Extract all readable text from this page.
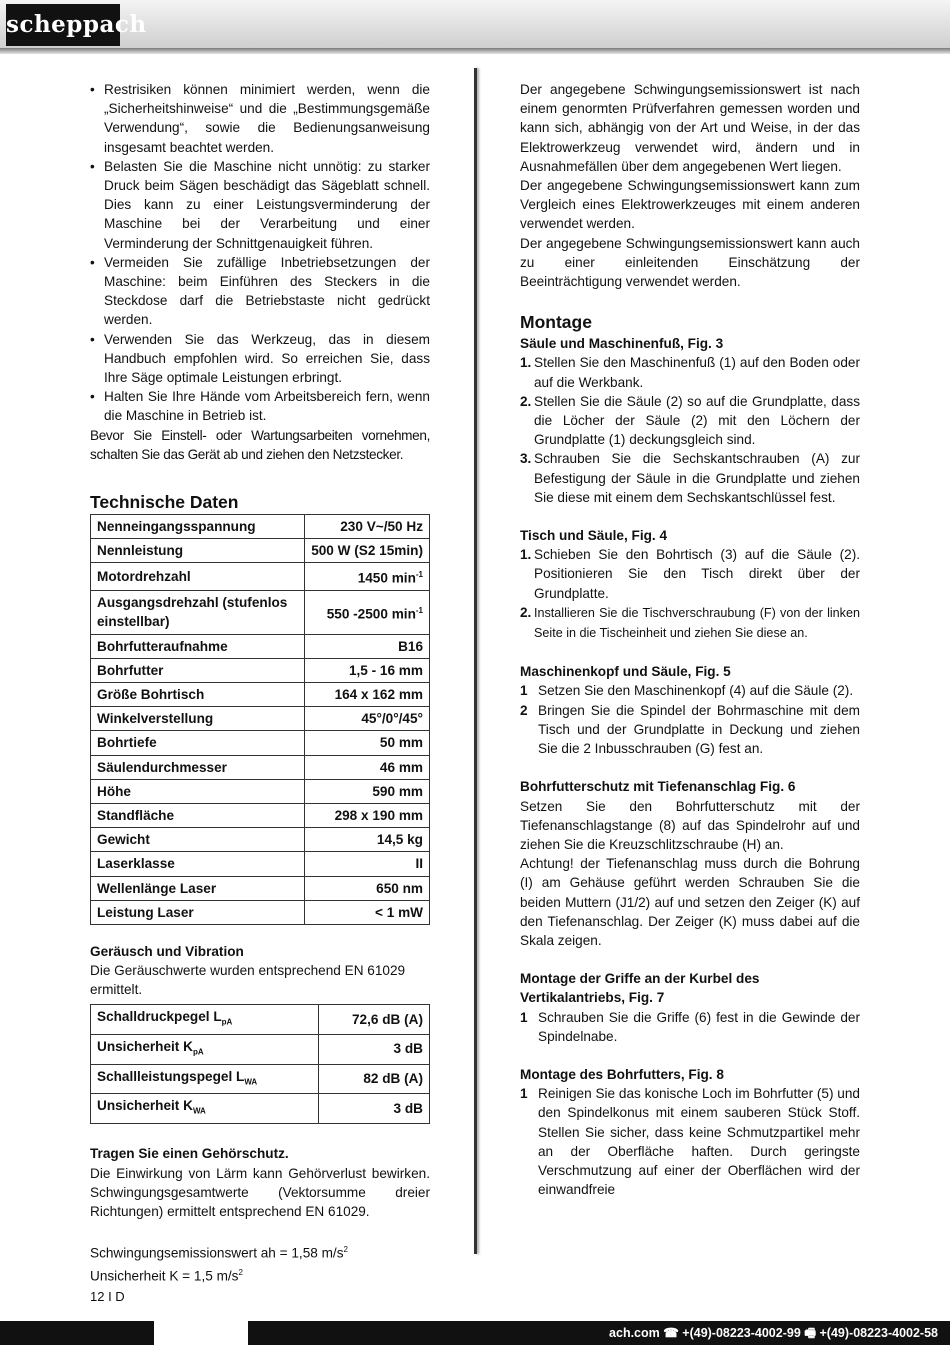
scheppach
• Restrisiken können minimiert werden, wenn die „Sicherheitshinweise“ und die „Bestimmungsgemäße Verwendung“, sowie die Bedienungsanweisung insgesamt beachtet werden.
• Belasten Sie die Maschine nicht unnötig: zu starker Druck beim Sägen beschädigt das Sägeblatt schnell. Dies kann zu einer Leistungsverminderung der Maschine bei der Verarbeitung und einer Verminderung der Schnittgenauigkeit führen.
• Vermeiden Sie zufällige Inbetriebsetzungen der Maschine: beim Einführen des Steckers in die Steckdose darf die Betriebstaste nicht gedrückt werden.
• Verwenden Sie das Werkzeug, das in diesem Handbuch empfohlen wird. So erreichen Sie, dass Ihre Säge optimale Leistungen erbringt.
• Halten Sie Ihre Hände vom Arbeitsbereich fern, wenn die Maschine in Betrieb ist.

Bevor Sie Einstell- oder Wartungsarbeiten vornehmen, schalten Sie das Gerät ab und ziehen den Netzstecker.

Technische Daten
Nenneingangsspannung	230 V~/50 Hz
Nennleistung	500 W (S2 15min)
Motordrehzahl	1450 $\min^{-1}$
Ausgangsdrehzahl (stufenlos einstellbar)	550 -2500 $\min^{-1}$
Bohrfutteraufnahme	B16
Bohrfutter	1,5 - 16 mm
Größe Bohrtisch	164 x 162 mm
Winkelverstellung	45°/0°/45°
Bohrtiefe	50 mm
Säulendurchmesser	46 mm
Höhe	590 mm
Standfläche	298 x 190 mm
Gewicht	14,5 kg
Laserklasse	II
Wellenlänge Laser	650 nm
Leistung Laser	< 1 mW
Geräusch und Vibration

Die Geräuschwerte wurden entsprechend EN 61029 ermittelt.

Schalldruckpegel $L_{pA}$	72,6 dB (A)
Unsicherheit $K_{pA}$	3 dB
Schallleistungspegel $L_{WA}$	82 dB (A)
Unsicherheit $K_{WA}$	3 dB
Tragen Sie einen Gehörschutz.

Die Einwirkung von Lärm kann Gehörverlust bewirken. Schwingungsgesamtwerte (Vektorsumme dreier Richtungen) ermittelt entsprechend EN 61029.

Schwingungsemissionswert ah = 1,58 $m/s^2$

Unsicherheit K = 1,5 $m/s^2$

Der angegebene Schwingungsemissionswert ist nach einem genormten Prüfverfahren gemessen worden und kann sich, abhängig von der Art und Weise, in der das Elektrowerkzeug verwendet wird, ändern und in Ausnahmefällen über dem angegebenen Wert liegen.

Der angegebene Schwingungsemissionswert kann zum Vergleich eines Elektrowerkzeuges mit einem anderen verwendet werden.

Der angegebene Schwingungsemissionswert kann auch zu einer einleitenden Einschätzung der Beeinträchtigung verwendet werden.

Montage
Säule und Maschinenfuß, Fig. 3
1. Stellen Sie den Maschinenfuß (1) auf den Boden oder auf die Werkbank.
2. Stellen Sie die Säule (2) so auf die Grundplatte, dass die Löcher der Säule (2) mit den Löchern der Grundplatte (1) deckungsgleich sind.
3. Schrauben Sie die Sechskantschrauben (A) zur Befestigung der Säule in die Grundplatte und ziehen Sie diese mit einem dem Sechskantschlüssel fest.
Tisch und Säule, Fig. 4
1. Schieben Sie den Bohrtisch (3) auf die Säule (2). Positionieren Sie den Tisch direkt über der Grundplatte.
2. Installieren Sie die Tischverschraubung (F) von der linken Seite in die Tischeinheit und ziehen Sie diese an.
Maschinenkopf und Säule, Fig. 5
1 Setzen Sie den Maschinenkopf (4) auf die Säule (2).
2 Bringen Sie die Spindel der Bohrmaschine mit dem Tisch und der Grundplatte in Deckung und ziehen Sie die 2 Inbusschrauben (G) fest an.
Bohrfutterschutz mit Tiefenanschlag Fig. 6

Setzen Sie den Bohrfutterschutz mit der Tiefenanschlagstange (8) auf das Spindelrohr auf und ziehen Sie die Kreuzschlitzschraube (H) an.

Achtung! der Tiefenanschlag muss durch die Bohrung (I) am Gehäuse geführt werden Schrauben Sie die beiden Muttern (J1/2) auf und setzen den Zeiger (K) auf den Tiefenanschlag. Der Zeiger (K) muss dabei auf die Skala zeigen.

Montage der Griffe an der Kurbel des Vertikalantriebs, Fig. 7
1 Schrauben Sie die Griffe (6) fest in die Gewinde der Spindelnabe.
Montage des Bohrfutters, Fig. 8
1 Reinigen Sie das konische Loch im Bohrfutter (5) und den Spindelkonus mit einem sauberen Stück Stoff. Stellen Sie sicher, dass keine Schmutzpartikel mehr an der Oberfläche haften. Durch geringste Verschmutzung auf einer der Oberflächen wird der einwandfreie
12 I D
ach.com ☎ +(49)-08223-4002-99 🖷 +(49)-08223-4002-58
